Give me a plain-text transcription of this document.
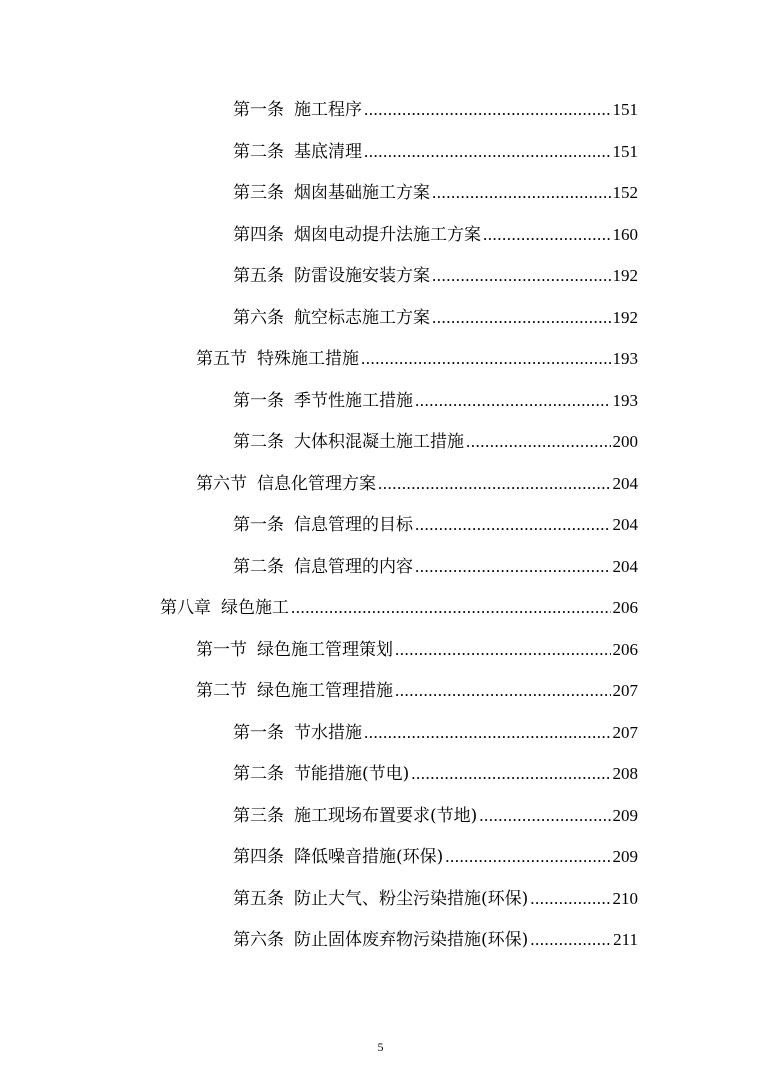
第一条 施工程序 .....	151
第二条 基底清理 .....	151
第三条 烟囱基础施工方案 .....	152
第四条 烟囱电动提升法施工方案 .....	160
第五条 防雷设施安装方案 .....	192
第六条 航空标志施工方案 .....	192
第五节 特殊施工措施 .....	193
第一条 季节性施工措施 .....	193
第二条 大体积混凝土施工措施 .....	200
第六节 信息化管理方案 .....	204
第一条 信息管理的目标 .....	204
第二条 信息管理的内容 .....	204
第八章 绿色施工 .....	206
第一节 绿色施工管理策划 .....	206
第二节 绿色施工管理措施 .....	207
第一条 节水措施 .....	207
第二条 节能措施(节电) .....	208
第三条 施工现场布置要求(节地) .....	209
第四条 降低噪音措施(环保) .....	209
第五条 防止大气、粉尘污染措施(环保) .....	210
第六条 防止固体废弃物污染措施(环保) .....	211
5
